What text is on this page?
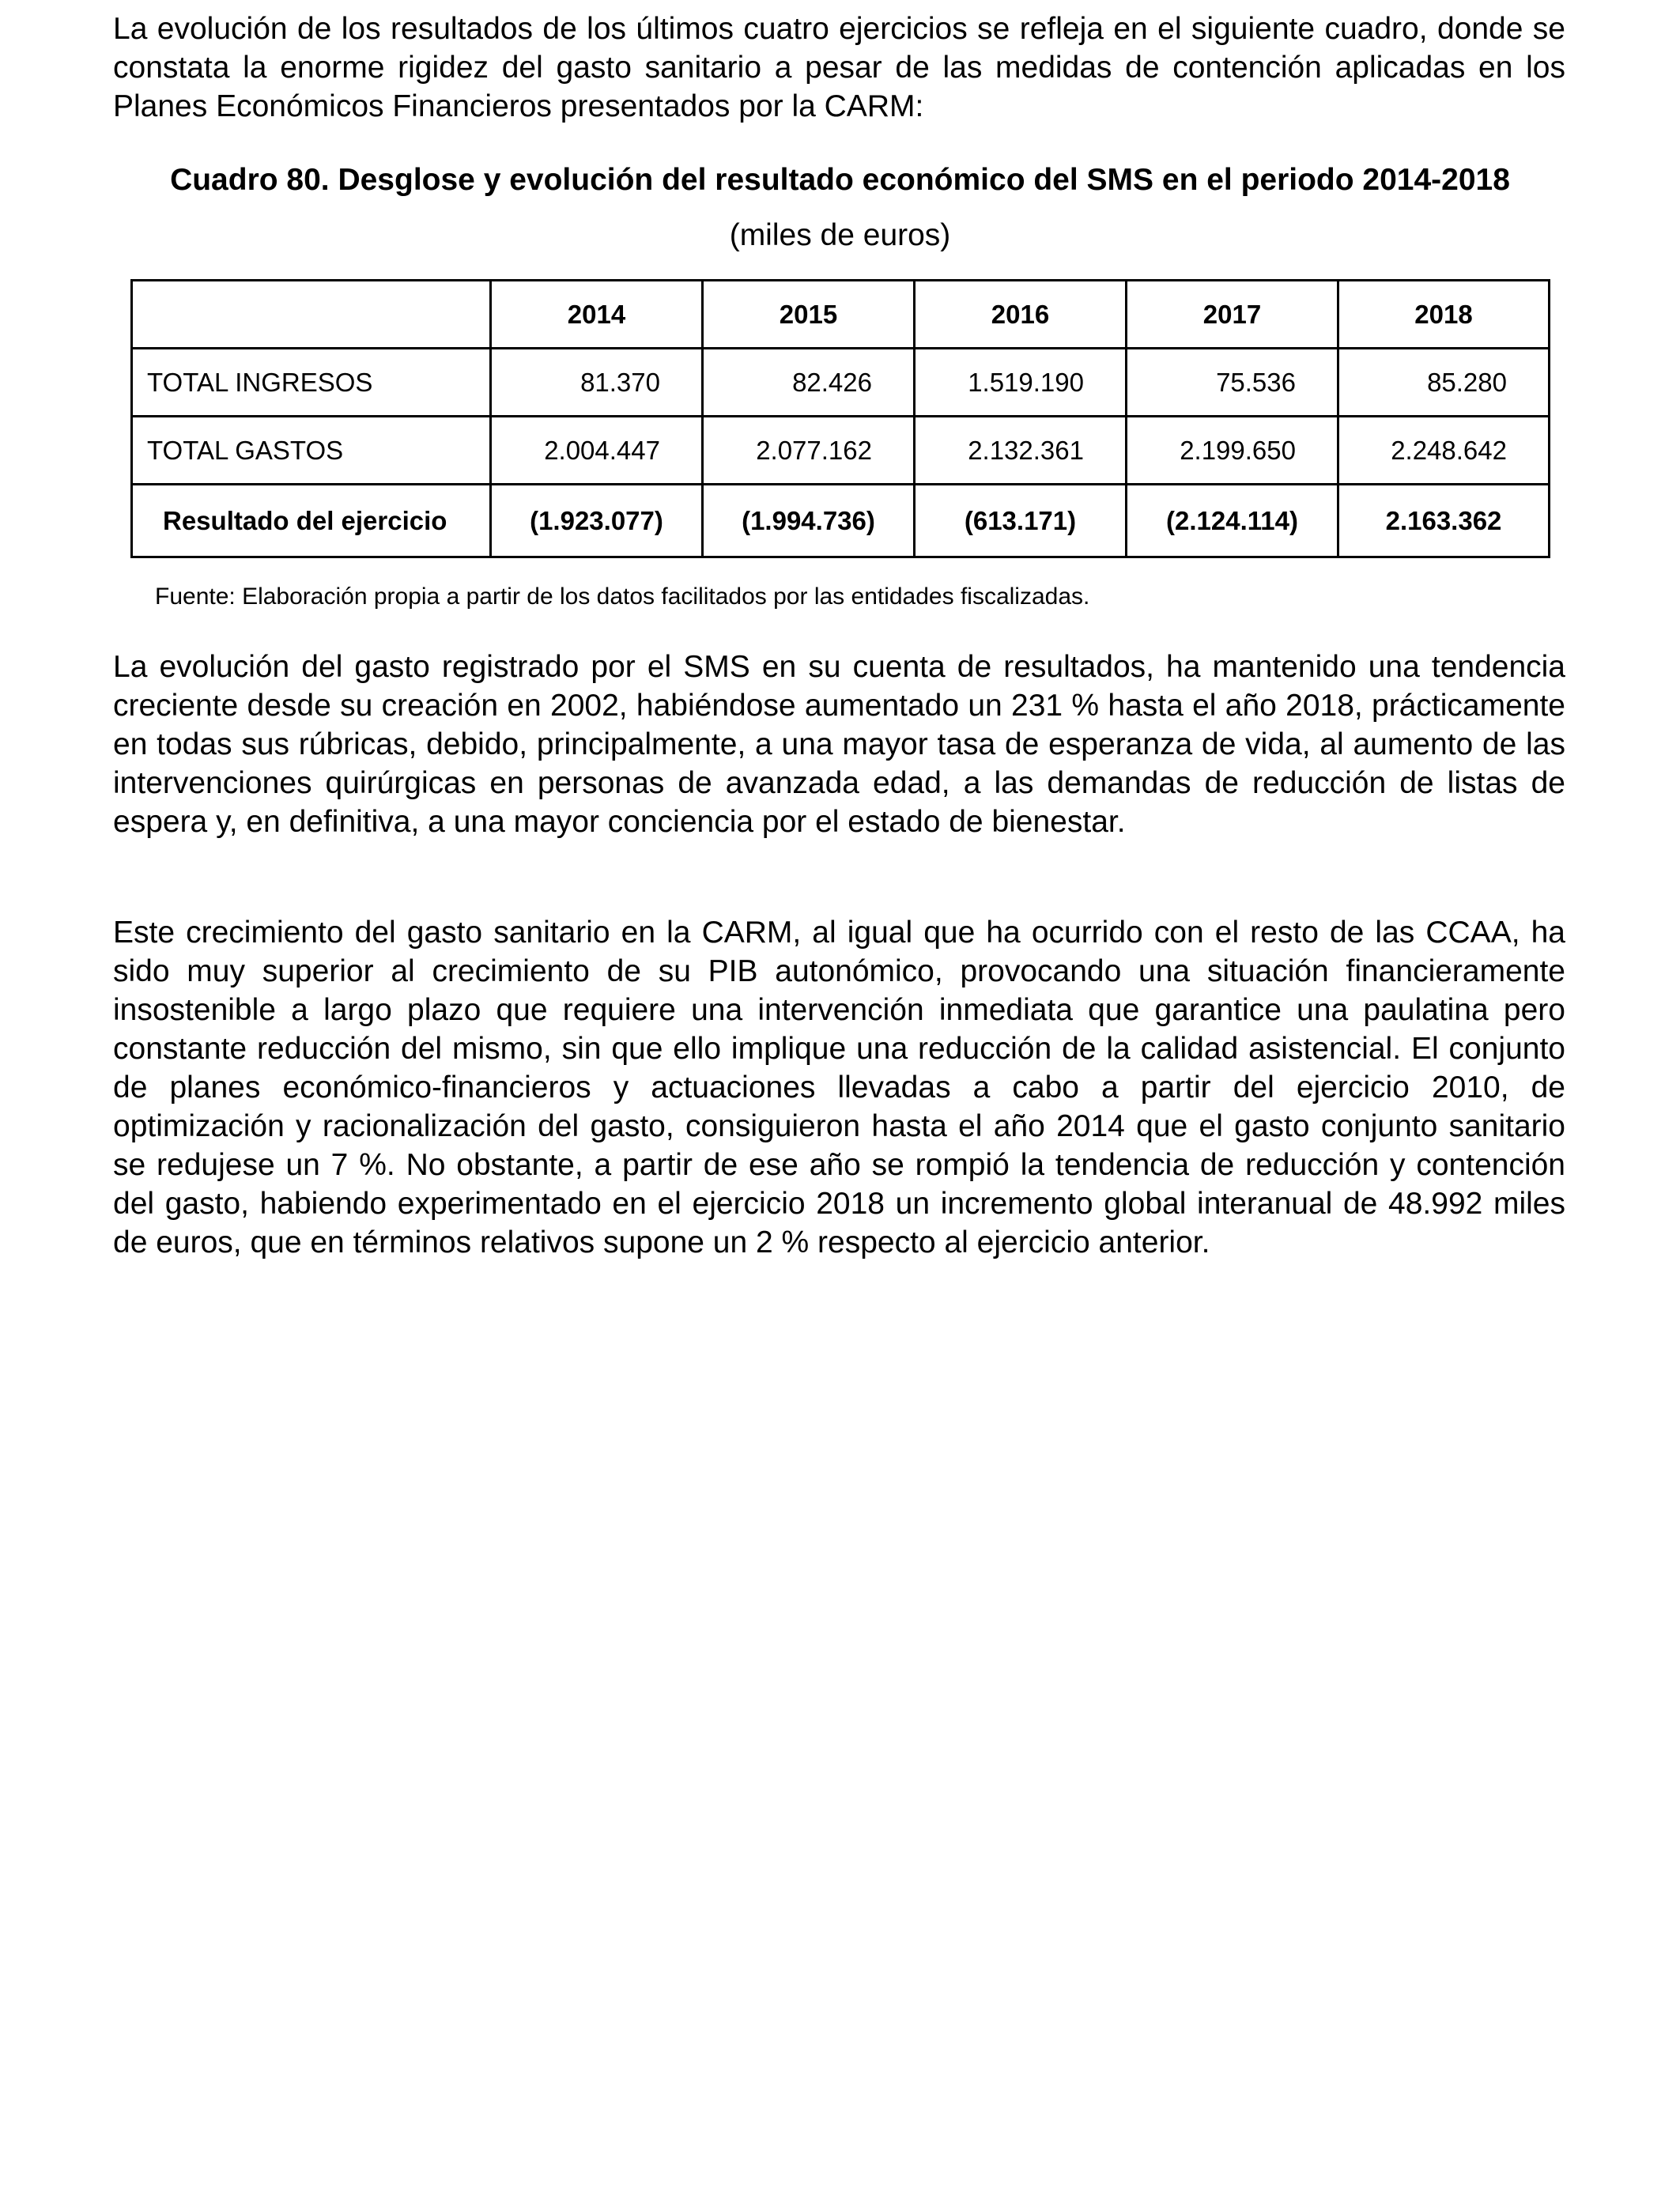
La evolución de los resultados de los últimos cuatro ejercicios se refleja en el siguiente cuadro, donde se constata la enorme rigidez del gasto sanitario a pesar de las medidas de contención aplicadas en los Planes Económicos Financieros presentados por la CARM:

Cuadro 80. Desglose y evolución del resultado económico del SMS en el periodo 2014-2018

(miles de euros)

	2014	2015	2016	2017	2018
TOTAL INGRESOS	81.370	82.426	1.519.190	75.536	85.280
TOTAL GASTOS	2.004.447	2.077.162	2.132.361	2.199.650	2.248.642
Resultado del ejercicio	(1.923.077)	(1.994.736)	(613.171)	(2.124.114)	2.163.362

Fuente: Elaboración propia a partir de los datos facilitados por las entidades fiscalizadas.

La evolución del gasto registrado por el SMS en su cuenta de resultados, ha mantenido una tendencia creciente desde su creación en 2002, habiéndose aumentado un 231 % hasta el año 2018, prácticamente en todas sus rúbricas, debido, principalmente, a una mayor tasa de esperanza de vida, al aumento de las intervenciones quirúrgicas en personas de avanzada edad, a las demandas de reducción de listas de espera y, en definitiva, a una mayor conciencia por el estado de bienestar.

Este crecimiento del gasto sanitario en la CARM, al igual que ha ocurrido con el resto de las CCAA, ha sido muy superior al crecimiento de su PIB autonómico, provocando una situación financieramente insostenible a largo plazo que requiere una intervención inmediata que garantice una paulatina pero constante reducción del mismo, sin que ello implique una reducción de la calidad asistencial. El conjunto de planes económico-financieros y actuaciones llevadas a cabo a partir del ejercicio 2010, de optimización y racionalización del gasto, consiguieron hasta el año 2014 que el gasto conjunto sanitario se redujese un 7 %. No obstante, a partir de ese año se rompió la tendencia de reducción y contención del gasto, habiendo experimentado en el ejercicio 2018 un incremento global interanual de 48.992 miles de euros, que en términos relativos supone un 2 % respecto al ejercicio anterior.
